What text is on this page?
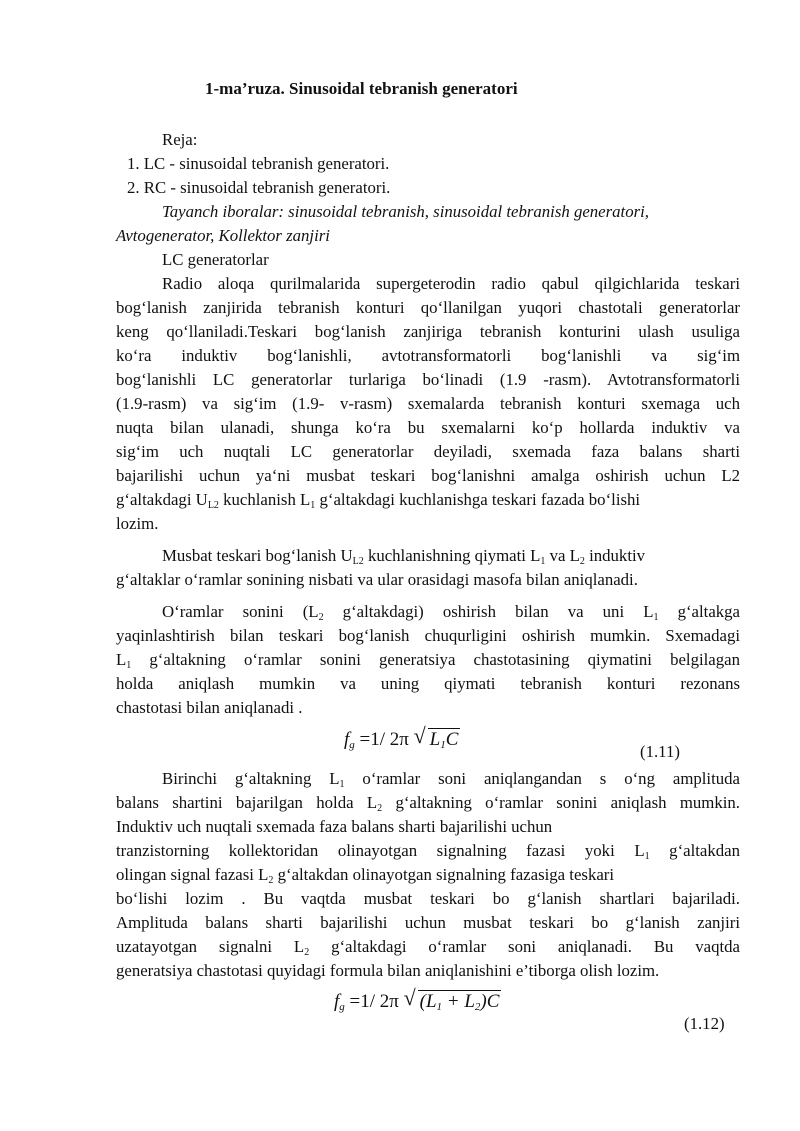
1-ma’ruza. Sinusoidal tebranish generatori
Reja:
1. LC - sinusoidal tebranish generatori.
2. RC - sinusoidal tebranish generatori.
Tayanch iboralar: sinusoidal tebranish, sinusoidal tebranish generatori,
Avtogenerator, Kollektor zanjiri
LC generatorlar
Radio aloqa qurilmalarida supergeterodin radio qabul qilgichlarida teskari
bog‘lanish zanjirida tebranish konturi qo‘llanilgan yuqori chastotali generatorlar
keng qo‘llaniladi.Teskari bog‘lanish zanjiriga tebranish konturini ulash usuliga
ko‘ra induktiv bog‘lanishli, avtotransformatorli bog‘lanishli va sig‘im
bog‘lanishli LC generatorlar turlariga bo‘linadi (1.9 -rasm). Avtotransformatorli
(1.9-rasm) va sig‘im (1.9- v-rasm) sxemalarda tebranish konturi sxemaga uch
nuqta bilan ulanadi, shunga ko‘ra bu sxemalarni ko‘p hollarda induktiv va
sig‘im uch nuqtali LC generatorlar deyiladi, sxemada faza balans sharti
bajarilishi uchun ya‘ni musbat teskari bog‘lanishni amalga oshirish uchun L2
g‘altakdagi $U_{L2}$ kuchlanish $L_1$ g‘altakdagi kuchlanishga teskari fazada bo‘lishi
lozim.
Musbat teskari bog‘lanish $U_{L2}$ kuchlanishning qiymati $L_1$ va $L_2$ induktiv
g‘altaklar o‘ramlar sonining nisbati va ular orasidagi masofa bilan aniqlanadi.
O‘ramlar sonini ($L_2$ g‘altakdagi) oshirish bilan va uni $L_1$ g‘altakga
yaqinlashtirish bilan teskari bog‘lanish chuqurligini oshirish mumkin. Sxemadagi
$L_1$ g‘altakning o‘ramlar sonini generatsiya chastotasining qiymatini belgilagan
holda aniqlash mumkin va uning qiymati tebranish konturi rezonans
chastotasi bilan aniqlanadi .
$f_g =1/$ 2π √ $L_1C$
(1.11)
Birinchi g‘altakning $L_1$ o‘ramlar soni aniqlangandan s o‘ng amplituda
balans shartini bajarilgan holda $L_2$ g‘altakning o‘ramlar sonini aniqlash mumkin.
Induktiv uch nuqtali sxemada faza balans sharti bajarilishi uchun
tranzistorning kollektoridan olinayotgan signalning fazasi yoki $L_1$ g‘altakdan
olingan signal fazasi $L_2$ g‘altakdan olinayotgan signalning fazasiga teskari
bo‘lishi lozim . Bu vaqtda musbat teskari bo g‘lanish shartlari bajariladi.
Amplituda balans sharti bajarilishi uchun musbat teskari bo g‘lanish zanjiri
uzatayotgan signalni $L_2$ g‘altakdagi o‘ramlar soni aniqlanadi. Bu vaqtda
generatsiya chastotasi quyidagi formula bilan aniqlanishini e’tiborga olish lozim.
$f_g =1/$ 2π √ $(L_1 + L_2)C$
(1.12)
